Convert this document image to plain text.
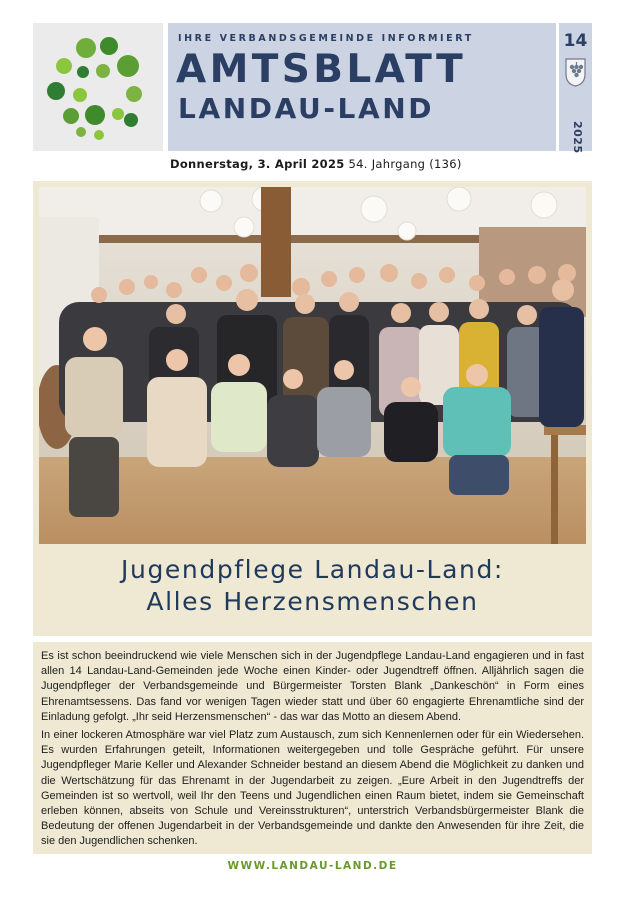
IHRE VERBANDSGEMEINDE INFORMIERT
AMTSBLATT
LANDAU-LAND
14
2025
Donnerstag, 3. April 2025 54. Jahrgang (136)
Jugendpflege Landau-Land:
Alles Herzensmenschen

Es ist schon beeindruckend wie viele Menschen sich in der Jugendpflege Landau-Land engagieren und in fast allen 14 Landau-Land-Gemeinden jede Woche einen Kinder- oder Jugendtreff öffnen. Alljährlich sagen die Jugendpfleger der Verbandsgemeinde und Bürgermeister Torsten Blank „Dankeschön“ in Form eines Ehrenamtsessens. Das fand vor wenigen Tagen wieder statt und über 60 engagierte Ehrenamtliche sind der Einladung gefolgt. „Ihr seid Herzensmenschen“ - das war das Motto an diesem Abend.

In einer lockeren Atmosphäre war viel Platz zum Austausch, zum sich Kennenlernen oder für ein Wiedersehen. Es wurden Erfahrungen geteilt, Informationen weitergegeben und tolle Gespräche geführt. Für unsere Jugendpfleger Marie Keller und Alexander Schneider bestand an diesem Abend die Möglichkeit zu danken und die Wertschätzung für das Ehrenamt in der Jugendarbeit zu zeigen. „Eure Arbeit in den Jugendtreffs der Gemeinden ist so wertvoll, weil Ihr den Teens und Jugendlichen einen Raum bietet, indem sie Gemeinschaft erleben können, abseits von Schule und Vereinsstrukturen“, unterstrich Verbandsbürgermeister Blank die Bedeutung der offenen Jugendarbeit in der Verbandsgemeinde und dankte den Anwesenden für ihre Zeit, die sie den Jugendlichen schenken.

WWW.LANDAU-LAND.DE
